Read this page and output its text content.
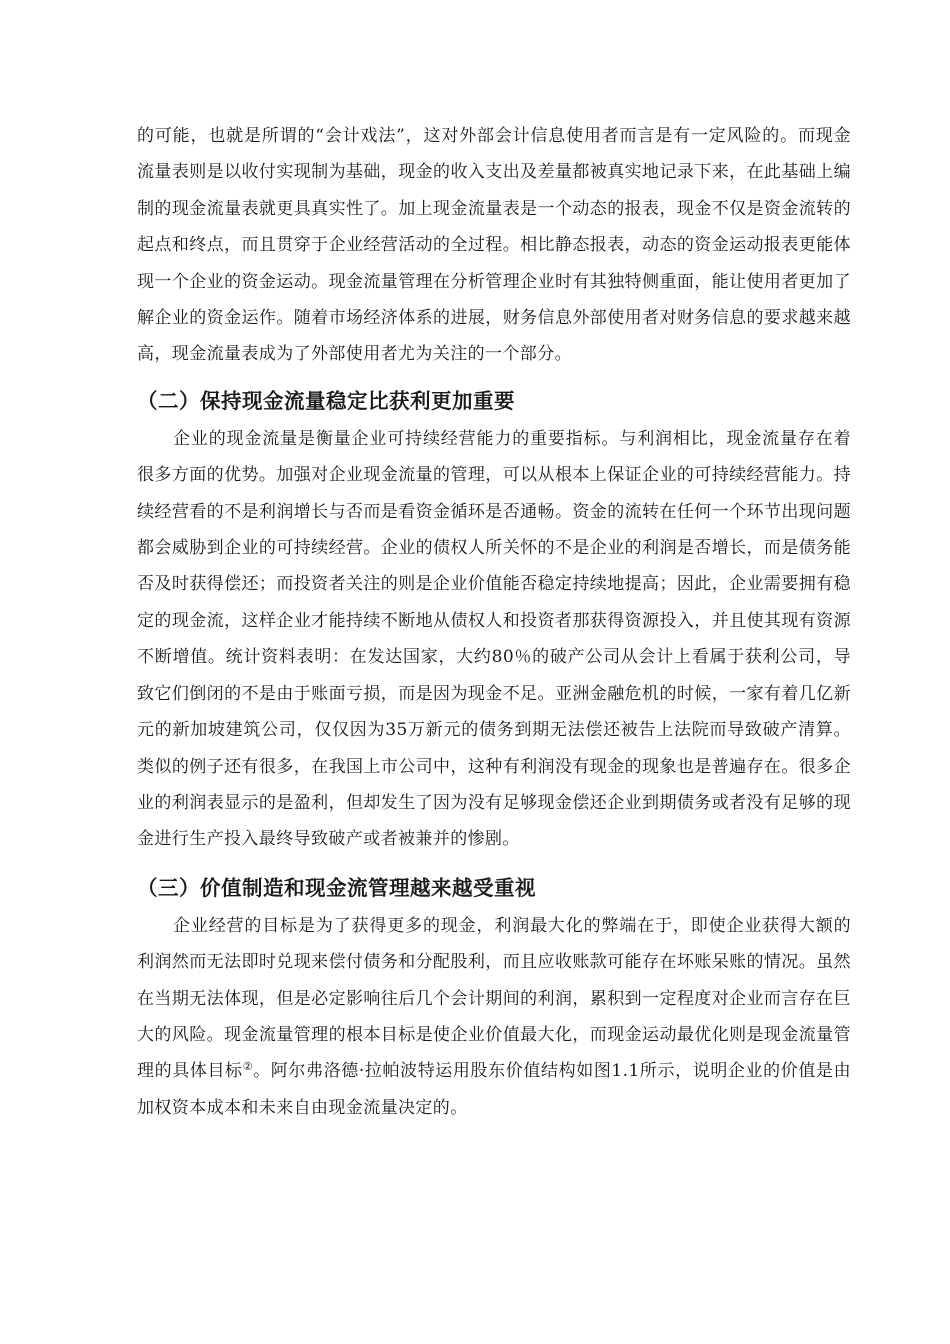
的可能，也就是所谓的“会计戏法”，这对外部会计信息使用者而言是有一定风险的。而现金流量表则是以收付实现制为基础，现金的收入支出及差量都被真实地记录下来，在此基础上编制的现金流量表就更具真实性了。加上现金流量表是一个动态的报表，现金不仅是资金流转的起点和终点，而且贯穿于企业经营活动的全过程。相比静态报表，动态的资金运动报表更能体现一个企业的资金运动。现金流量管理在分析管理企业时有其独特侧重面，能让使用者更加了解企业的资金运作。随着市场经济体系的进展，财务信息外部使用者对财务信息的要求越来越高，现金流量表成为了外部使用者尤为关注的一个部分。

（二）保持现金流量稳定比获利更加重要

企业的现金流量是衡量企业可持续经营能力的重要指标。与利润相比，现金流量存在着很多方面的优势。加强对企业现金流量的管理，可以从根本上保证企业的可持续经营能力。持续经营看的不是利润增长与否而是看资金循环是否通畅。资金的流转在任何一个环节出现问题都会威胁到企业的可持续经营。企业的债权人所关怀的不是企业的利润是否增长，而是债务能否及时获得偿还；而投资者关注的则是企业价值能否稳定持续地提高；因此，企业需要拥有稳定的现金流，这样企业才能持续不断地从债权人和投资者那获得资源投入，并且使其现有资源不断增值。统计资料表明：在发达国家，大约80％的破产公司从会计上看属于获利公司，导致它们倒闭的不是由于账面亏损，而是因为现金不足。亚洲金融危机的时候，一家有着几亿新元的新加坡建筑公司，仅仅因为35万新元的债务到期无法偿还被告上法院而导致破产清算。类似的例子还有很多，在我国上市公司中，这种有利润没有现金的现象也是普遍存在。很多企业的利润表显示的是盈利，但却发生了因为没有足够现金偿还企业到期债务或者没有足够的现金进行生产投入最终导致破产或者被兼并的惨剧。

（三）价值制造和现金流管理越来越受重视

企业经营的目标是为了获得更多的现金，利润最大化的弊端在于，即使企业获得大额的利润然而无法即时兑现来偿付债务和分配股利，而且应收账款可能存在坏账呆账的情况。虽然在当期无法体现，但是必定影响往后几个会计期间的利润，累积到一定程度对企业而言存在巨大的风险。现金流量管理的根本目标是使企业价值最大化，而现金运动最优化则是现金流量管理的具体目标②。阿尔弗洛德·拉帕波特运用股东价值结构如图1.1所示，说明企业的价值是由加权资本成本和未来自由现金流量决定的。
